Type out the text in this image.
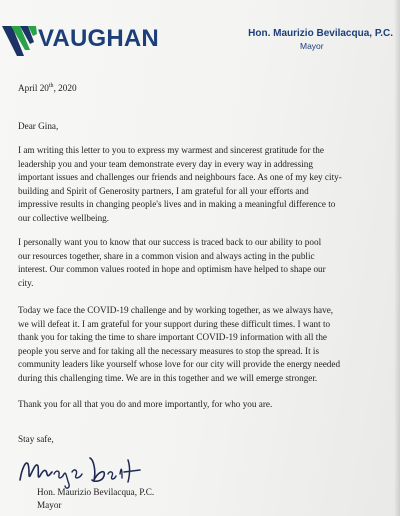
VAUGHAN	Hon. Maurizio Bevilacqua, P.C.
Mayor
April 20th, 2020
Dear Gina,
I am writing this letter to you to express my warmest and sincerest gratitude for the
leadership you and your team demonstrate every day in every way in addressing
important issues and challenges our friends and neighbours face. As one of my key city-
building and Spirit of Generosity partners, I am grateful for all your efforts and
impressive results in changing people's lives and in making a meaningful difference to
our collective wellbeing.
I personally want you to know that our success is traced back to our ability to pool
our resources together, share in a common vision and always acting in the public
interest. Our common values rooted in hope and optimism have helped to shape our
city.
Today we face the COVID-19 challenge and by working together, as we always have,
we will defeat it. I am grateful for your support during these difficult times. I want to
thank you for taking the time to share important COVID-19 information with all the
people you serve and for taking all the necessary measures to stop the spread. It is
community leaders like yourself whose love for our city will provide the energy needed
during this challenging time. We are in this together and we will emerge stronger.
Thank you for all that you do and more importantly, for who you are.
Stay safe,
Hon. Maurizio Bevilacqua, P.C.
Mayor
